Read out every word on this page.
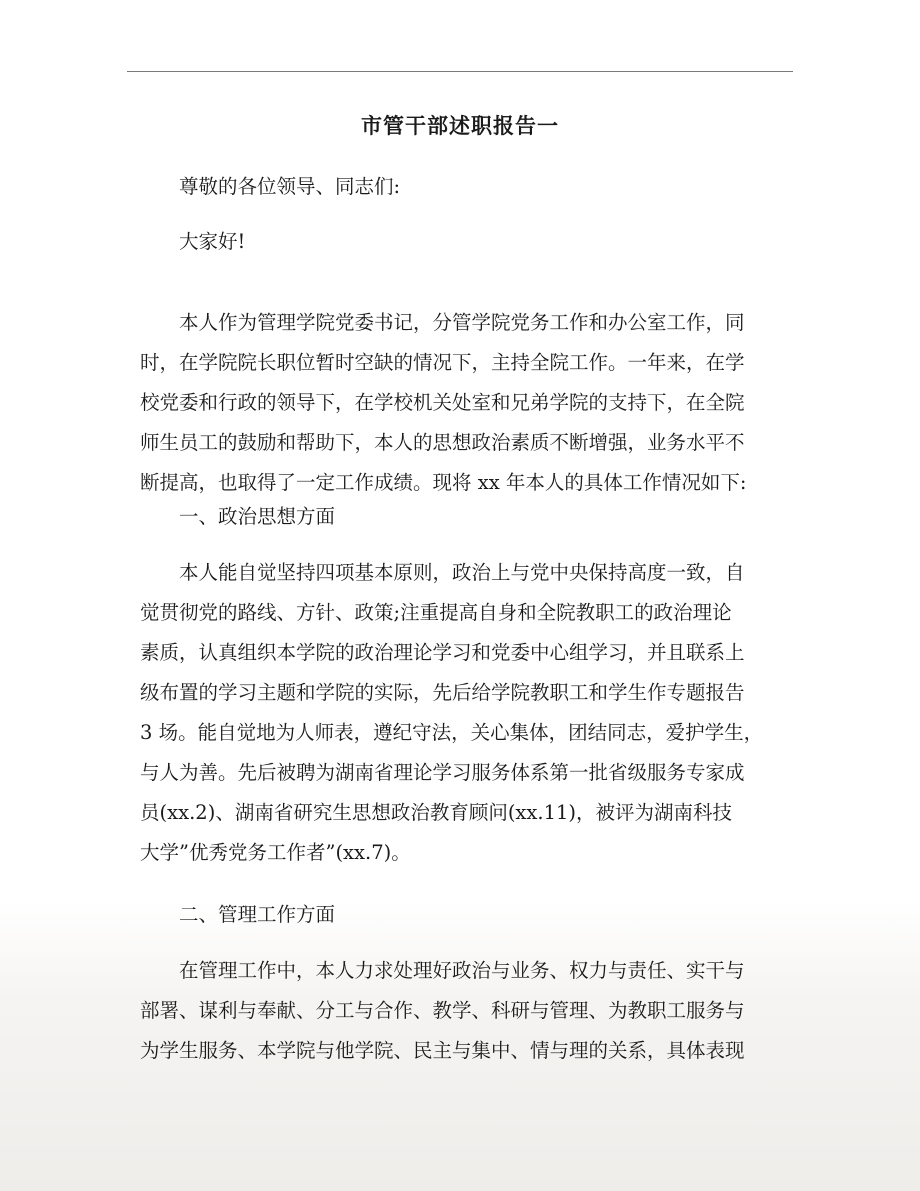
市管干部述职报告一
尊敬的各位领导、同志们:
大家好!
本人作为管理学院党委书记，分管学院党务工作和办公室工作，同
时，在学院院长职位暂时空缺的情况下，主持全院工作。一年来，在学
校党委和行政的领导下，在学校机关处室和兄弟学院的支持下，在全院
师生员工的鼓励和帮助下，本人的思想政治素质不断增强，业务水平不
断提高，也取得了一定工作成绩。现将 xx 年本人的具体工作情况如下:
一、政治思想方面
本人能自觉坚持四项基本原则，政治上与党中央保持高度一致，自
觉贯彻党的路线、方针、政策;注重提高自身和全院教职工的政治理论
素质，认真组织本学院的政治理论学习和党委中心组学习，并且联系上
级布置的学习主题和学院的实际，先后给学院教职工和学生作专题报告
3 场。能自觉地为人师表，遵纪守法，关心集体，团结同志，爱护学生，
与人为善。先后被聘为湖南省理论学习服务体系第一批省级服务专家成
员(xx.2)、湖南省研究生思想政治教育顾问(xx.11)，被评为湖南科技
大学”优秀党务工作者”(xx.7)。
二、管理工作方面
在管理工作中，本人力求处理好政治与业务、权力与责任、实干与
部署、谋利与奉献、分工与合作、教学、科研与管理、为教职工服务与
为学生服务、本学院与他学院、民主与集中、情与理的关系，具体表现
